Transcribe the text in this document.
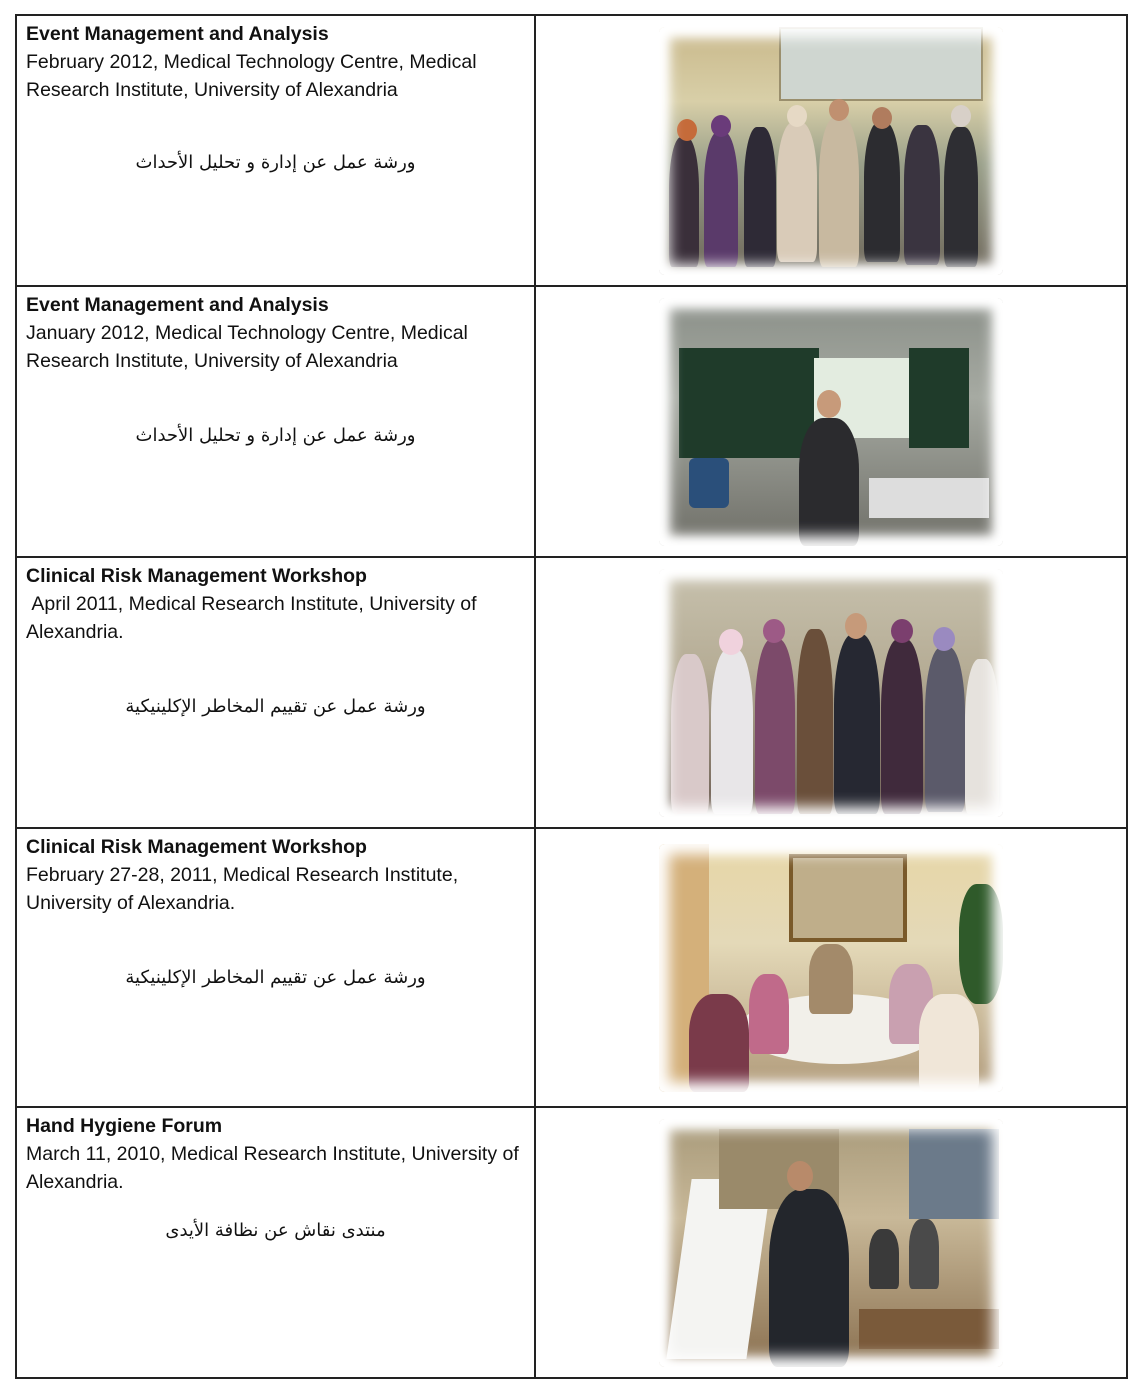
Event Management and Analysis
February 2012, Medical Technology Centre, Medical Research Institute, University of Alexandria
ورشة عمل عن إدارة و تحليل الأحداث
Event Management and Analysis
January 2012, Medical Technology Centre, Medical Research Institute, University of Alexandria
ورشة عمل عن إدارة و تحليل الأحداث
Clinical Risk Management Workshop
April 2011, Medical Research Institute, University of Alexandria.
ورشة عمل عن تقييم المخاطر الإكلينيكية
Clinical Risk Management Workshop
February 27-28, 2011, Medical Research Institute, University of Alexandria.
ورشة عمل عن تقييم المخاطر الإكلينيكية
Hand Hygiene Forum
March 11, 2010, Medical Research Institute, University of Alexandria.
منتدى نقاش عن نظافة الأيدى
